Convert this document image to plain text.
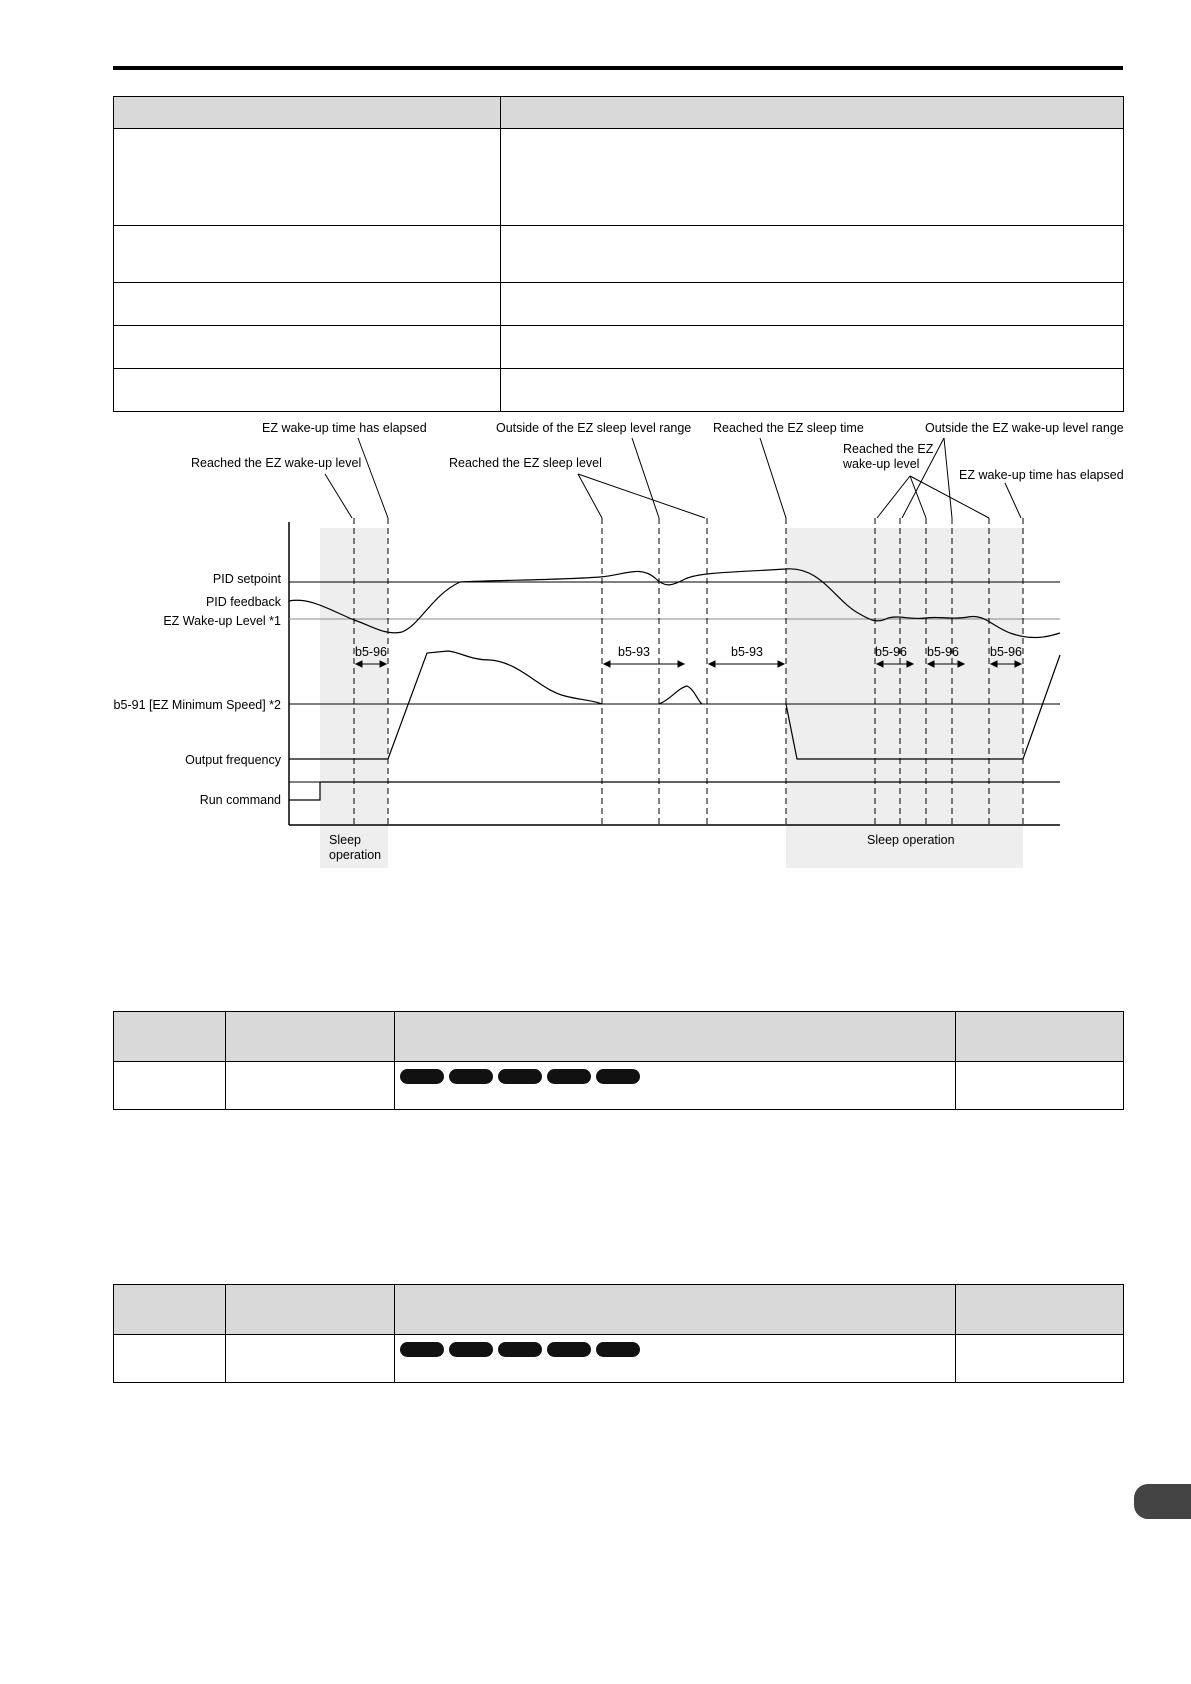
EZ wake-up time has elapsed
Reached the EZ wake-up level
Outside of the EZ sleep level range
Reached the EZ sleep level
Reached the EZ sleep time	Outside the EZ wake-up level range
Reached the EZ
wake-up level
EZ wake-up time has elapsed
PID setpoint
PID feedback
EZ Wake-up Level *1
b5-91 [EZ Minimum Speed] *2
Output frequency
Run command
b5-96	b5-93	b5-93	b5-96 b5-96 b5-96
Sleep
operation
Sleep operation
